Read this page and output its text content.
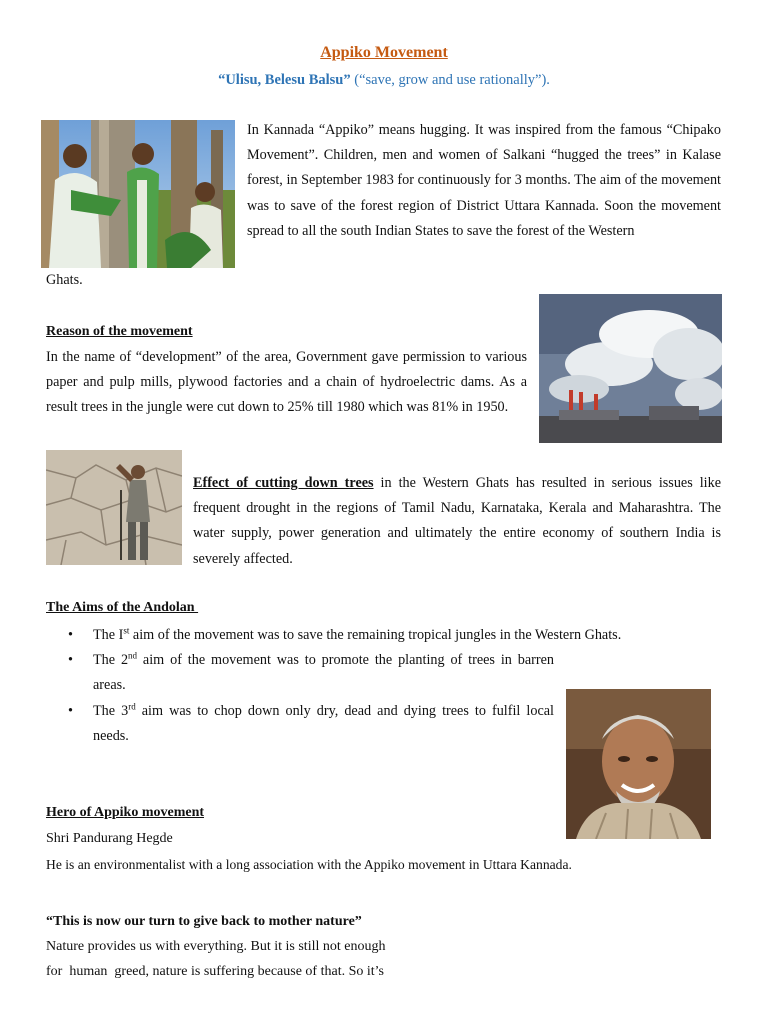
Appiko Movement
“Ulisu, Belesu Balsu” (“save, grow and use rationally”).

In Kannada “Appiko” means hugging. It was inspired from the famous “Chipako Movement”. Children, men and women of Salkani “hugged the trees” in Kalase forest, in September 1983 for continuously for 3 months. The aim of the movement was to save of the forest region of District Uttara Kannada. Soon the movement spread to all the south Indian States to save the forest of the Western

Ghats.

Reason of the movement

In the name of “development” of the area, Government gave permission to various paper and pulp mills, plywood factories and a chain of hydroelectric dams. As a result trees in the jungle were cut down to 25% till 1980 which was 81% in 1950.

Effect of cutting down trees in the Western Ghats has resulted in serious issues like frequent drought in the regions of Tamil Nadu, Karnataka, Kerala and Maharashtra. The water supply, power generation and ultimately the entire economy of southern India is severely affected.

The Aims of the Andolan
• The Ist aim of the movement was to save the remaining tropical jungles in the Western Ghats.
• The 2nd aim of the movement was to promote the planting of trees in barren areas.
• The 3rd aim was to chop down only dry, dead and dying trees to fulfil local needs.
Hero of Appiko movement
Shri Pandurang Hegde
He is an environmentalist with a long association with the Appiko movement in Uttara Kannada.
“This is now our turn to give back to mother nature”
Nature provides us with everything. But it is still not enough
for  human  greed, nature is suffering because of that. So it’s
